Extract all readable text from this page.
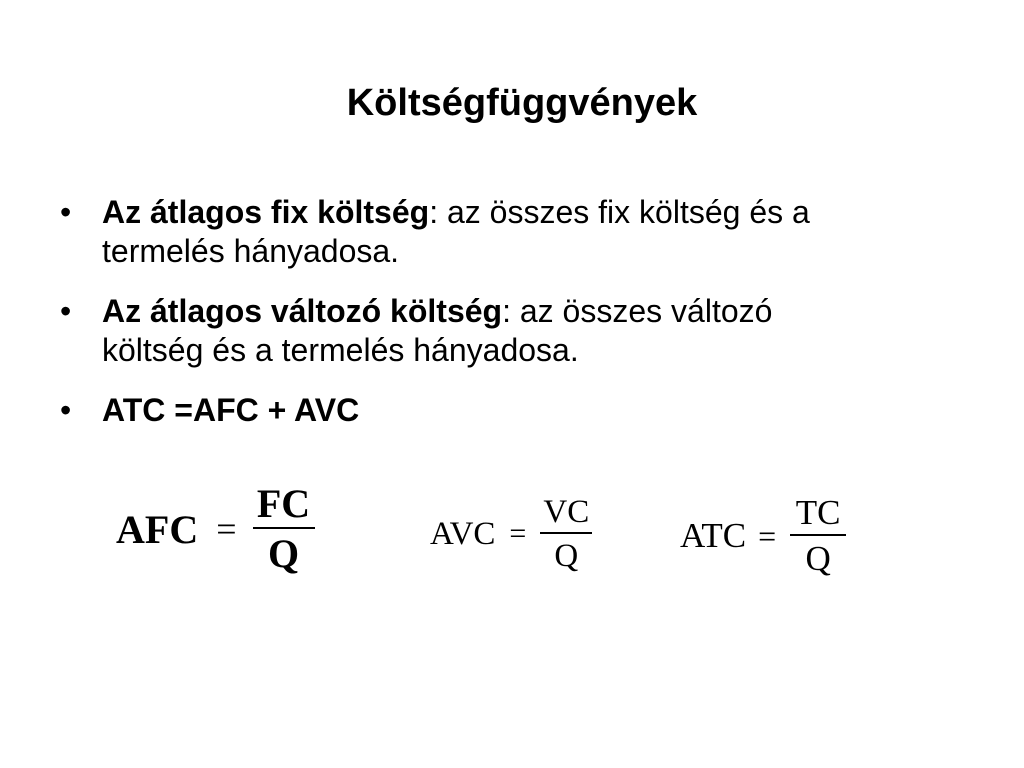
Költségfüggvények
• Az átlagos fix költség: az összes fix költség és a termelés hányadosa.
• Az átlagos változó költség: az összes változó költség és a termelés hányadosa.
• ATC =AFC + AVC
AFC = $\frac{FC}{Q}$	AVC = $\frac{VC}{Q}$	ATC = $\frac{TC}{Q}$
